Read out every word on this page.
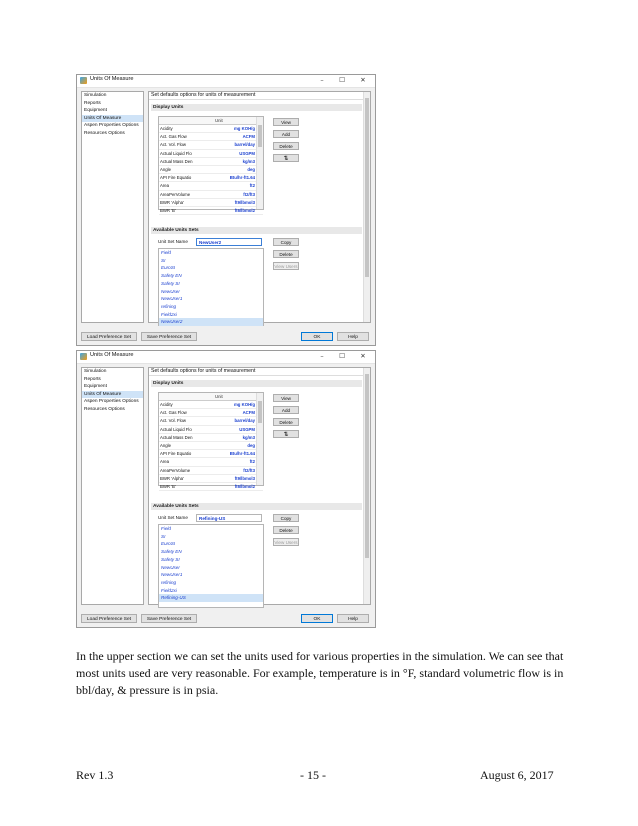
Units Of Measure	–	☐	✕
Simulation
Reports
Equipment
Units Of Measure
Aspen Properties Options
Resources Options
Set defaults options for units of measurement
Display Units
Unit
Acidity	mg KOH/g
Act. Gas Flow	ACFM
Act. Vol. Flow	barrel/day
Actual Liquid Flo	USGPM
Actual Mass Den	kg/m3
Angle	deg
API Fire Equatio	Btu/hr-ft1.64
Area	ft2
AreaPerVolume	ft2/ft3
BWR 'Alpha'	ft9/lbmol3
BWR 'B'	ft6/lbmol2
View
Add
Delete
⇅
Available Units Sets
Unit Set Name	NewUser2	Copy
Delete
View Users
Field
SI
EuroSI
Safety EN
Safety SI
NewUser
NewUser1
refining
Field2xi
NewUser2
Load Preference Set	Save Preference Set	OK	Help
Units Of Measure	–	☐	✕
Simulation
Reports
Equipment
Units Of Measure
Aspen Properties Options
Resources Options
Set defaults options for units of measurement
Display Units
Unit
Acidity	mg KOH/g
Act. Gas Flow	ACFM
Act. Vol. Flow	barrel/day
Actual Liquid Flo	USGPM
Actual Mass Den	kg/m3
Angle	deg
API Fire Equatio	Btu/hr-ft1.64
Area	ft2
AreaPerVolume	ft2/ft3
BWR 'Alpha'	ft9/lbmol3
BWR 'B'	ft6/lbmol2
View
Add
Delete
⇅
Available Units Sets
Unit Set Name	Refining-US	Copy
Delete
View Users
Field
SI
EuroSI
Safety EN
Safety SI
NewUser
NewUser1
refining
Field2xi
Refining-US
Load Preference Set	Save Preference Set	OK	Help
In the upper section we can set the units used for various properties in the simulation. We can see that most units used are very reasonable. For example, temperature is in °F, standard volumetric flow is in bbl/day, & pressure is in psia.
Rev 1.3	- 15 -	August 6, 2017
